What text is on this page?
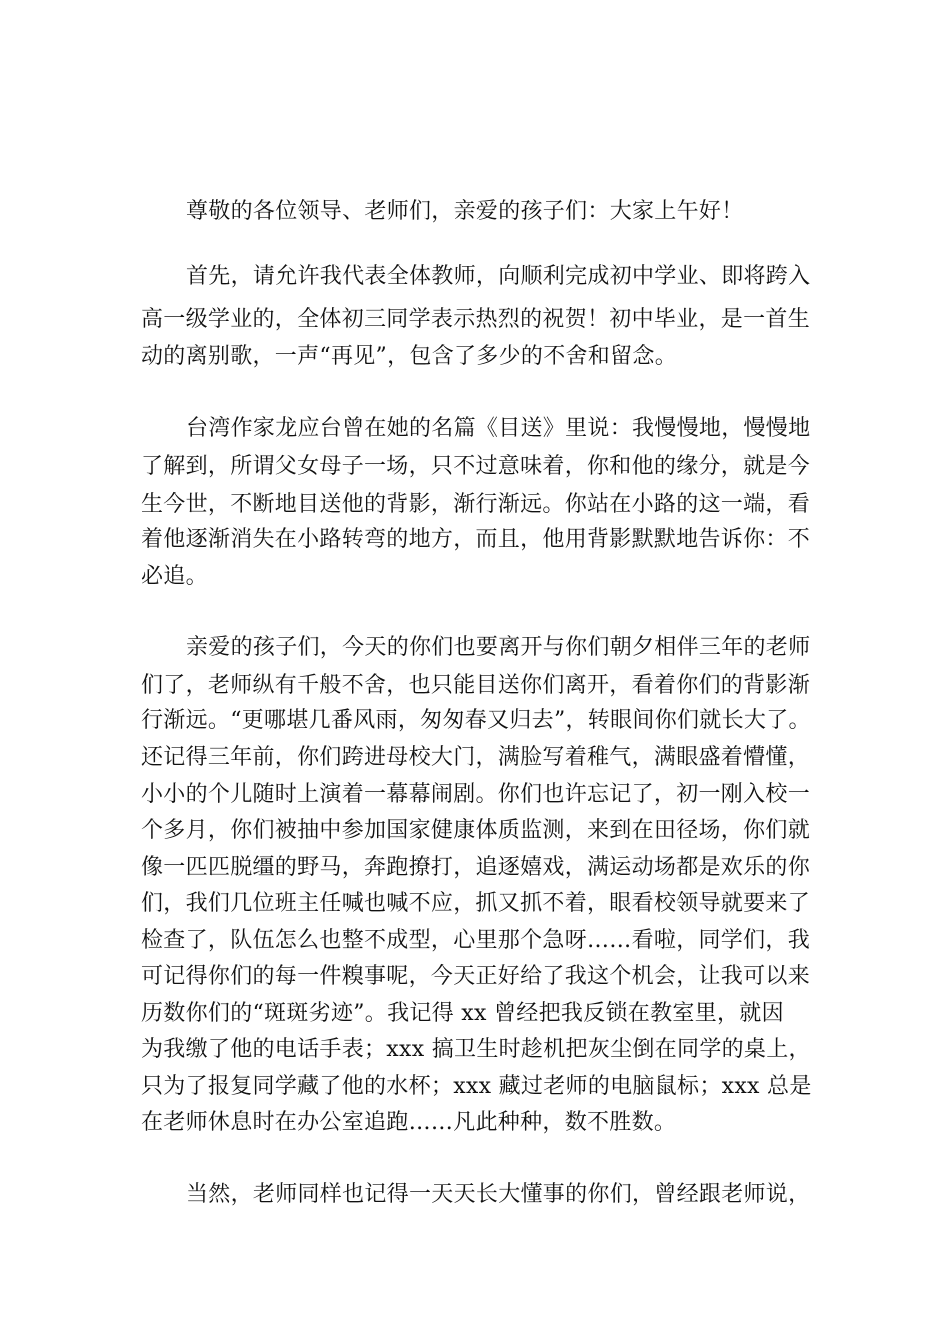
尊敬的各位领导、老师们，亲爱的孩子们：大家上午好！
首先，请允许我代表全体教师，向顺利完成初中学业、即将跨入
高一级学业的，全体初三同学表示热烈的祝贺！初中毕业，是一首生
动的离别歌，一声“再见”，包含了多少的不舍和留念。
台湾作家龙应台曾在她的名篇《目送》里说：我慢慢地，慢慢地
了解到，所谓父女母子一场，只不过意味着，你和他的缘分，就是今
生今世，不断地目送他的背影，渐行渐远。你站在小路的这一端，看
着他逐渐消失在小路转弯的地方，而且，他用背影默默地告诉你：不
必追。
亲爱的孩子们，今天的你们也要离开与你们朝夕相伴三年的老师
们了，老师纵有千般不舍，也只能目送你们离开，看着你们的背影渐
行渐远。“更哪堪几番风雨，匆匆春又归去”，转眼间你们就长大了。
还记得三年前，你们跨进母校大门，满脸写着稚气，满眼盛着懵懂，
小小的个儿随时上演着一幕幕闹剧。你们也许忘记了，初一刚入校一
个多月，你们被抽中参加国家健康体质监测，来到在田径场，你们就
像一匹匹脱缰的野马，奔跑撩打，追逐嬉戏，满运动场都是欢乐的你
们，我们几位班主任喊也喊不应，抓又抓不着，眼看校领导就要来了
检查了，队伍怎么也整不成型，心里那个急呀……看啦，同学们，我
可记得你们的每一件糗事呢，今天正好给了我这个机会，让我可以来
历数你们的“斑斑劣迹”。我记得 xx 曾经把我反锁在教室里，就因
为我缴了他的电话手表；xxx 搞卫生时趁机把灰尘倒在同学的桌上，
只为了报复同学藏了他的水杯；xxx 藏过老师的电脑鼠标；xxx 总是
在老师休息时在办公室追跑……凡此种种，数不胜数。
当然，老师同样也记得一天天长大懂事的你们，曾经跟老师说，
